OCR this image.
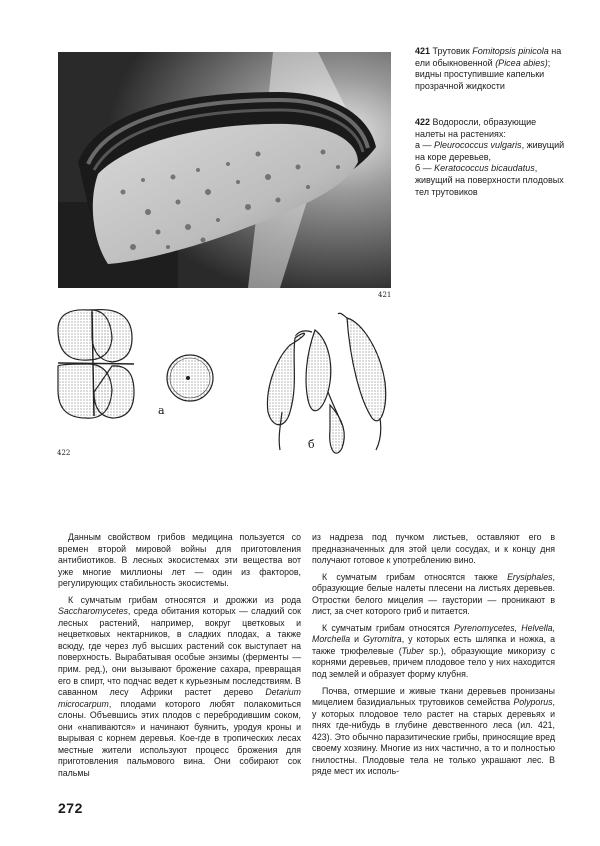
421
421 Трутовик Fomitopsis pinicola на ели обыкновенной (Picea abies); видны проступившие капельки прозрачной жидкости
422 Водоросли, образующие налеты на растениях:
а — Pleurococcus vulgaris, живущий на коре деревьев,
б — Keratococcus bicaudatus, живущий на поверхности плодовых тел трутовиков
а
б
422

Данным свойством грибов медицина пользуется со времен второй мировой войны для приготовления антибиотиков. В лесных экосистемах эти вещества вот уже многие миллионы лет — один из факторов, регулирующих стабильность экосистемы.

К сумчатым грибам относятся и дрожжи из рода Saccharomycetes, среда обитания которых — сладкий сок лесных растений, например, вокруг цветковых и нецветковых нектарников, в сладких плодах, а также всюду, где через луб высших растений сок выступает на поверхность. Вырабатывая особые энзимы (ферменты — прим. ред.), они вызывают брожение сахара, превращая его в спирт, что подчас ведет к курьезным последствиям. В саванном лесу Африки растет дерево Detarium microcarpum, плодами которого любят полакомиться слоны. Объевшись этих плодов с перебродившим соком, они «напиваются» и начинают буянить, уродуя кроны и вырывая с корнем деревья. Кое-где в тропических лесах местные жители используют процесс брожения для приготовления пальмового вина. Они собирают сок пальмы

из надреза под пучком листьев, оставляют его в предназначенных для этой цели сосудах, и к концу дня получают готовое к употреблению вино.

К сумчатым грибам относятся также Erysiphales, образующие белые налеты плесени на листьях деревьев. Отростки белого мицелия — гаустории — проникают в лист, за счет которого гриб и питается.

К сумчатым грибам относятся Pyrenomycetes, Helvella, Morchella и Gyromitra, у которых есть шляпка и ножка, а также трюфелевые (Tuber sp.), образующие микоризу с корнями деревьев, причем плодовое тело у них находится под землей и образует форму клубня.

Почва, отмершие и живые ткани деревьев пронизаны мицелием базидиальных трутовиков семейства Polyporus, у которых плодовое тело растет на старых деревьях и пнях где-нибудь в глубине девственного леса (ил. 421, 423). Это обычно паразитические грибы, приносящие вред своему хозяину. Многие из них частично, а то и полностью гнилостны. Плодовые тела не только украшают лес. В ряде мест их исполь-

272
